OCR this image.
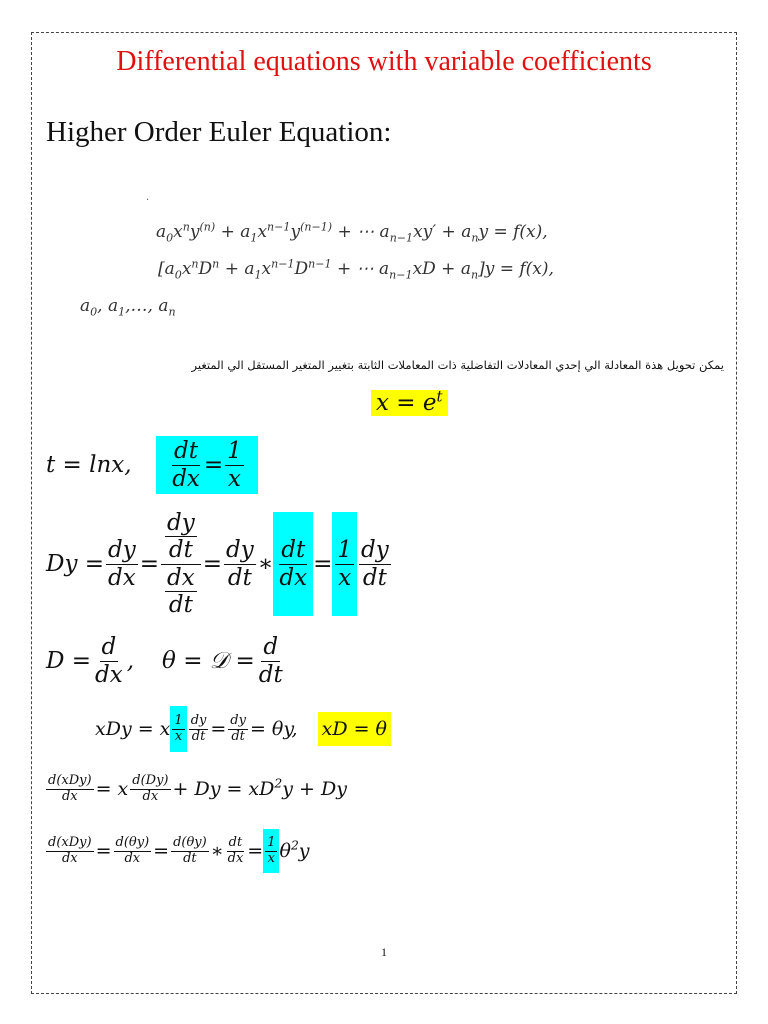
Differential equations with variable coefficients
Higher Order Euler Equation:
.
$a_0x^ny^{(n)} + a_1x^{n-1}y^{(n-1)}$ + ⋯ $a_{n-1}xy' + a_ny = f(x)$,
[$a_0x^nD^n + a_1x^{n-1}D^{n-1}$ + ⋯ $a_{n-1}xD + a_n]y = f(x)$,
$a_0$, $a_1,\dots$, $a_n$
يمكن تحويل هذة المعادلة الي إحدي المعادلات التفاضلية ذات المعاملات الثابتة بتغيير المتغير المستقل الي المتغير
$x = e^t$
t = lnx, $\frac{dt}{dx} = \frac{1}{x}$
$Dy = \frac{dy}{dx} = \frac{\frac{dy}{dt}}{\frac{dx}{dt}} = \frac{dy}{dt}$ ∗ $\frac{dt}{dx} = \frac{1}{x} \frac{dy}{dt}$
$D = \frac{d}{dx}$ , θ = 𝒟 = $\frac{d}{dt}$
xDy = x $\frac{1}{x} \frac{dy}{dt} = \frac{dy}{dt} = \theta y$, xD = θ
$\frac{\text{d(xDy)}}{dx} = x \frac{d(Dy)}{dx} + Dy = xD^2y + Dy$
$\frac{\text{d(xDy)}}{dx} = \frac{d(\theta y)}{dx} = \frac{d(\theta y)}{dt}$ ∗ $\frac{dt}{dx} = \frac{1}{x} \theta^2y$
1
